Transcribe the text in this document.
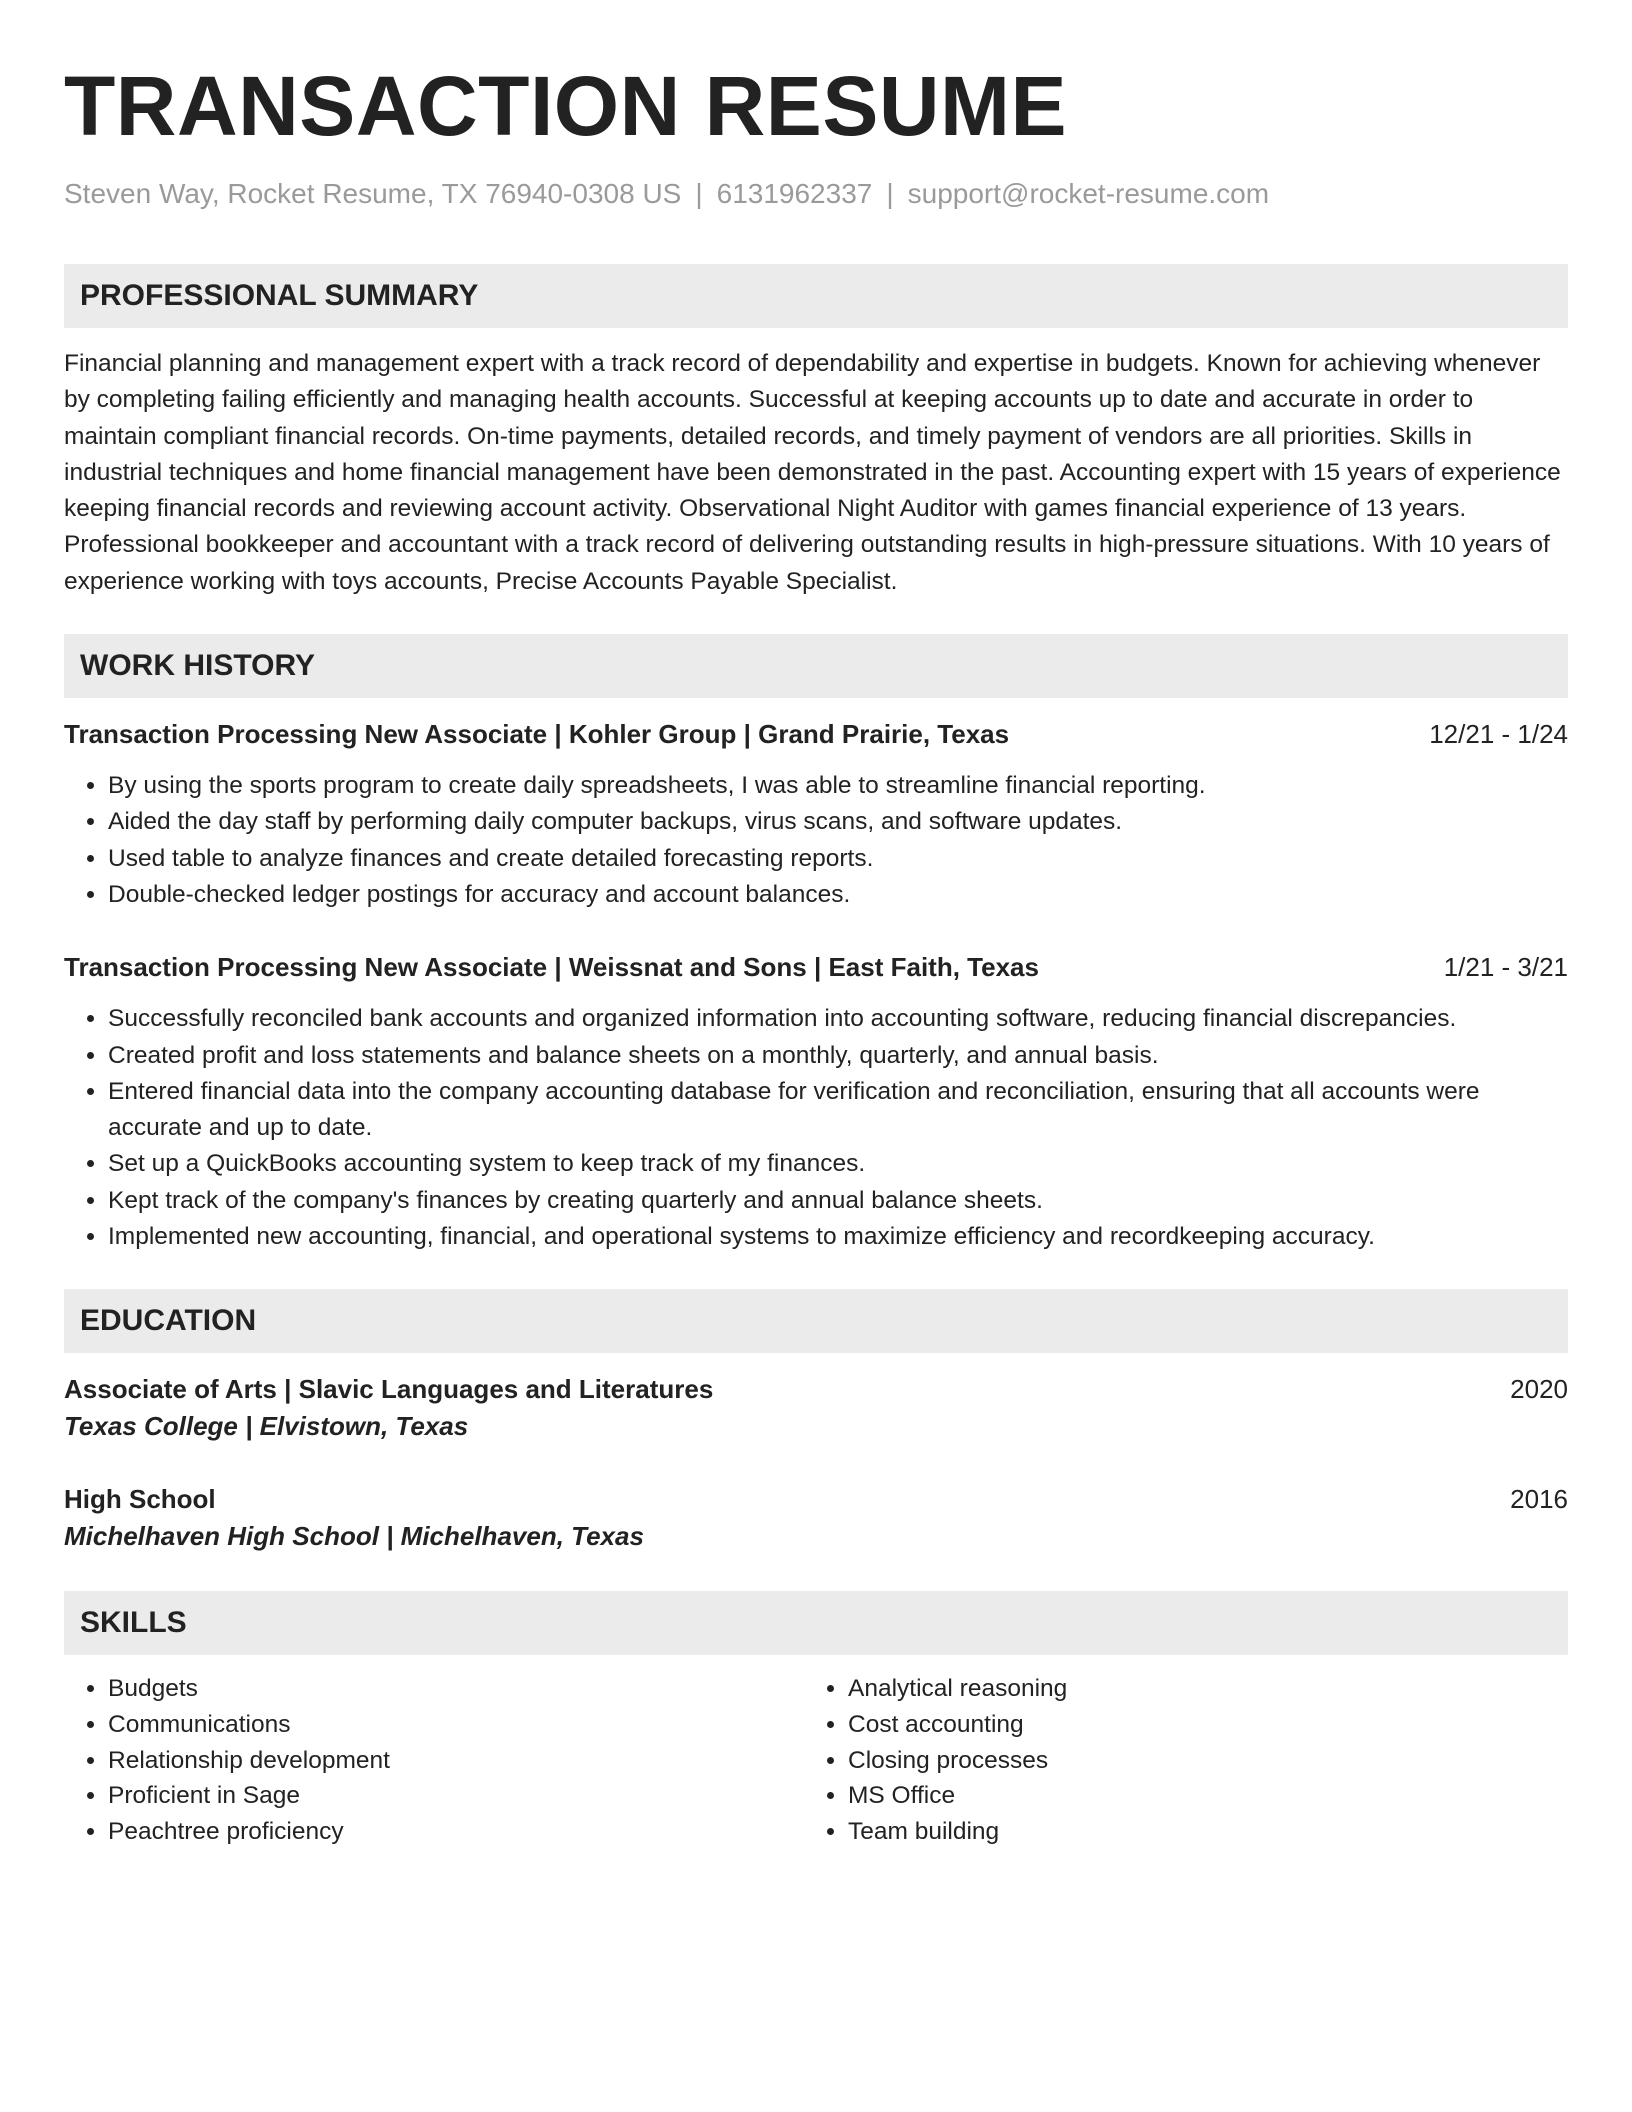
TRANSACTION RESUME
Steven Way, Rocket Resume, TX 76940-0308 US | 6131962337 | support@rocket-resume.com
PROFESSIONAL SUMMARY
Financial planning and management expert with a track record of dependability and expertise in budgets. Known for achieving whenever by completing failing efficiently and managing health accounts. Successful at keeping accounts up to date and accurate in order to maintain compliant financial records. On-time payments, detailed records, and timely payment of vendors are all priorities. Skills in industrial techniques and home financial management have been demonstrated in the past. Accounting expert with 15 years of experience keeping financial records and reviewing account activity. Observational Night Auditor with games financial experience of 13 years. Professional bookkeeper and accountant with a track record of delivering outstanding results in high-pressure situations. With 10 years of experience working with toys accounts, Precise Accounts Payable Specialist.
WORK HISTORY
Transaction Processing New Associate | Kohler Group | Grand Prairie, Texas	12/21 - 1/24
• By using the sports program to create daily spreadsheets, I was able to streamline financial reporting.
• Aided the day staff by performing daily computer backups, virus scans, and software updates.
• Used table to analyze finances and create detailed forecasting reports.
• Double-checked ledger postings for accuracy and account balances.
Transaction Processing New Associate | Weissnat and Sons | East Faith, Texas	1/21 - 3/21
• Successfully reconciled bank accounts and organized information into accounting software, reducing financial discrepancies.
• Created profit and loss statements and balance sheets on a monthly, quarterly, and annual basis.
• Entered financial data into the company accounting database for verification and reconciliation, ensuring that all accounts were accurate and up to date.
• Set up a QuickBooks accounting system to keep track of my finances.
• Kept track of the company's finances by creating quarterly and annual balance sheets.
• Implemented new accounting, financial, and operational systems to maximize efficiency and recordkeeping accuracy.
EDUCATION
Associate of Arts | Slavic Languages and Literatures	2020
Texas College | Elvistown, Texas
High School	2016
Michelhaven High School | Michelhaven, Texas
SKILLS
• Budgets
• Communications
• Relationship development
• Proficient in Sage
• Peachtree proficiency
• Analytical reasoning
• Cost accounting
• Closing processes
• MS Office
• Team building
